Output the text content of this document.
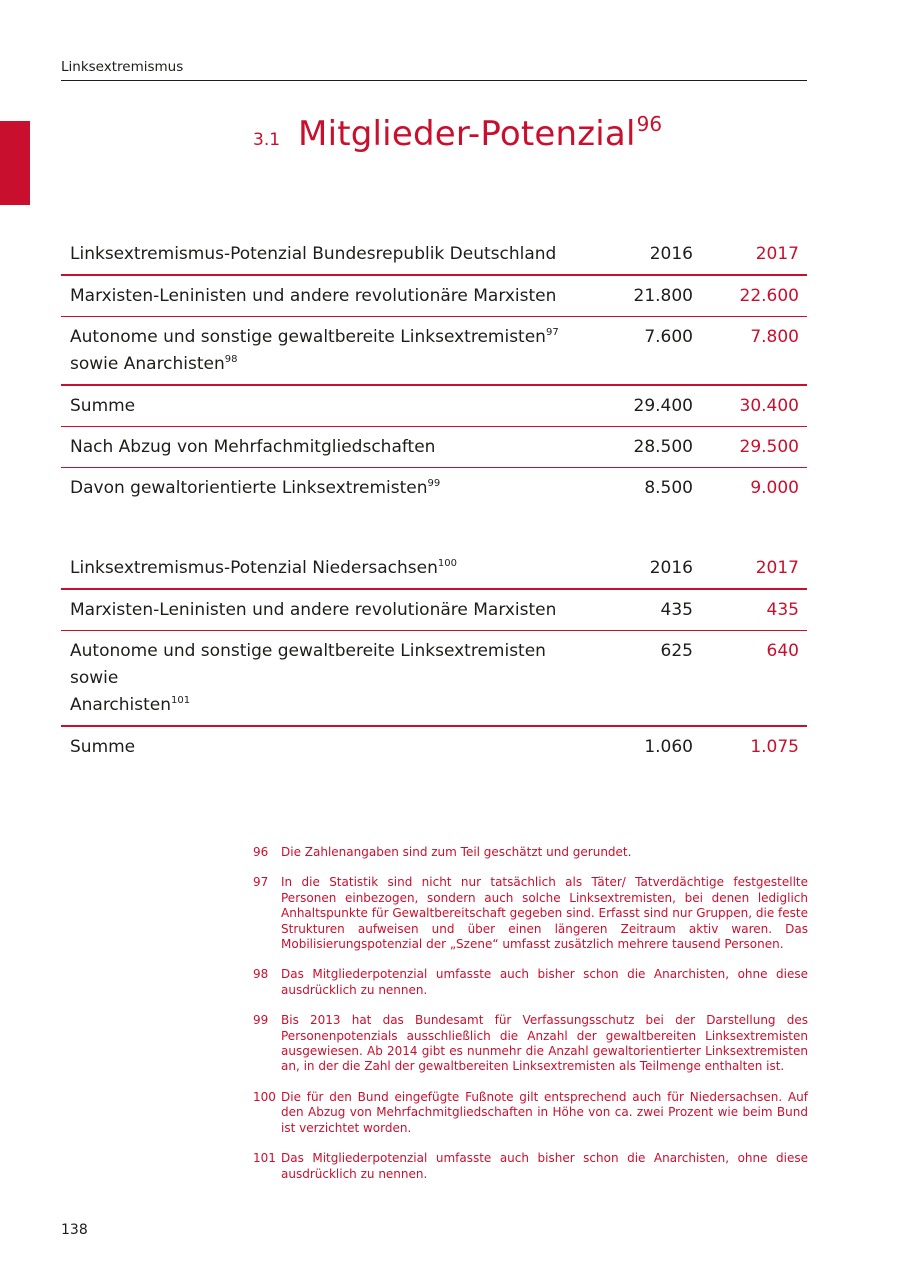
Linksextremismus
3.1 Mitglieder-Potenzial96
Linksextremismus-Potenzial Bundesrepublik Deutschland	2016	2017
Marxisten-Leninisten und andere revolutionäre Marxisten	21.800	22.600
Autonome und sonstige gewaltbereite Linksextremisten$^{97}$
sowie Anarchisten$^{98}$	7.600	7.800
Summe	29.400	30.400
Nach Abzug von Mehrfachmitgliedschaften	28.500	29.500
Davon gewaltorientierte Linksextremisten$^{99}$	8.500	9.000
Linksextremismus-Potenzial Niedersachsen$^{100}$	2016	2017
Marxisten-Leninisten und andere revolutionäre Marxisten	435	435
Autonome und sonstige gewaltbereite Linksextremisten sowie
Anarchisten$^{101}$	625	640
Summe	1.060	1.075
96	Die Zahlenangaben sind zum Teil geschätzt und gerundet.
97	In die Statistik sind nicht nur tatsächlich als Täter/ Tatverdächtige festgestellte Personen einbezogen, sondern auch solche Linksextremisten, bei denen lediglich Anhaltspunkte für Gewaltbereitschaft gegeben sind. Erfasst sind nur Gruppen, die feste Strukturen aufweisen und über einen längeren Zeitraum aktiv waren. Das Mobilisierungspotenzial der „Szene“ umfasst zusätzlich mehrere tausend Personen.
98	Das Mitgliederpotenzial umfasste auch bisher schon die Anarchisten, ohne diese ausdrücklich zu nennen.
99	Bis 2013 hat das Bundesamt für Verfassungsschutz bei der Darstellung des Personenpotenzials ausschließlich die Anzahl der gewaltbereiten Linksextremisten ausgewiesen. Ab 2014 gibt es nunmehr die Anzahl gewaltorientierter Linksextremisten an, in der die Zahl der gewaltbereiten Linksextremisten als Teilmenge enthalten ist.
100 Die für den Bund eingefügte Fußnote gilt entsprechend auch für Niedersachsen. Auf den Abzug von Mehrfachmitgliedschaften in Höhe von ca. zwei Prozent wie beim Bund ist verzichtet worden.
101 Das Mitgliederpotenzial umfasste auch bisher schon die Anarchisten, ohne diese ausdrücklich zu nennen.
138
